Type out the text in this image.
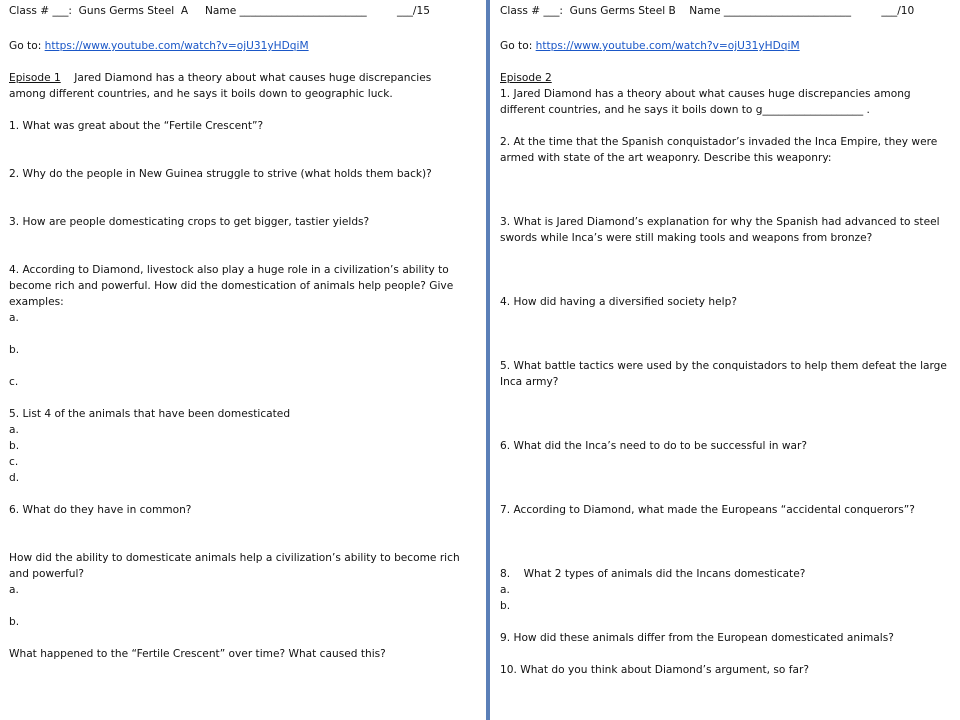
Class # ___:  Guns Germs Steel  A     Name ________________________         ___/15
Go to: https://www.youtube.com/watch?v=ojU31yHDqiM
Episode 1 Jared Diamond has a theory about what causes huge discrepancies among different countries, and he says it boils down to geographic luck.
1. What was great about the “Fertile Crescent”?
2. Why do the people in New Guinea struggle to strive (what holds them back)?
3. How are people domesticating crops to get bigger, tastier yields?
4. According to Diamond, livestock also play a huge role in a civilization’s ability to become rich and powerful. How did the domestication of animals help people? Give examples:
a.
b.
c.
5. List 4 of the animals that have been domesticated
a.
b.
c.
d.
6. What do they have in common?
How did the ability to domesticate animals help a civilization’s ability to become rich and powerful?
a.
b.
What happened to the “Fertile Crescent” over time? What caused this?
Class # ___:  Guns Germs Steel B    Name ________________________         ___/10
Go to: https://www.youtube.com/watch?v=ojU31yHDqiM
Episode 2
1. Jared Diamond has a theory about what causes huge discrepancies among different countries, and he says it boils down to g___________________ .
2. At the time that the Spanish conquistador’s invaded the Inca Empire, they were armed with state of the art weaponry. Describe this weaponry:
3. What is Jared Diamond’s explanation for why the Spanish had advanced to steel swords while Inca’s were still making tools and weapons from bronze?
4. How did having a diversified society help?
5. What battle tactics were used by the conquistadors to help them defeat the large Inca army?
6. What did the Inca’s need to do to be successful in war?
7. According to Diamond, what made the Europeans “accidental conquerors”?
8.    What 2 types of animals did the Incans domesticate?
a.
b.
9. How did these animals differ from the European domesticated animals?
10. What do you think about Diamond’s argument, so far?
